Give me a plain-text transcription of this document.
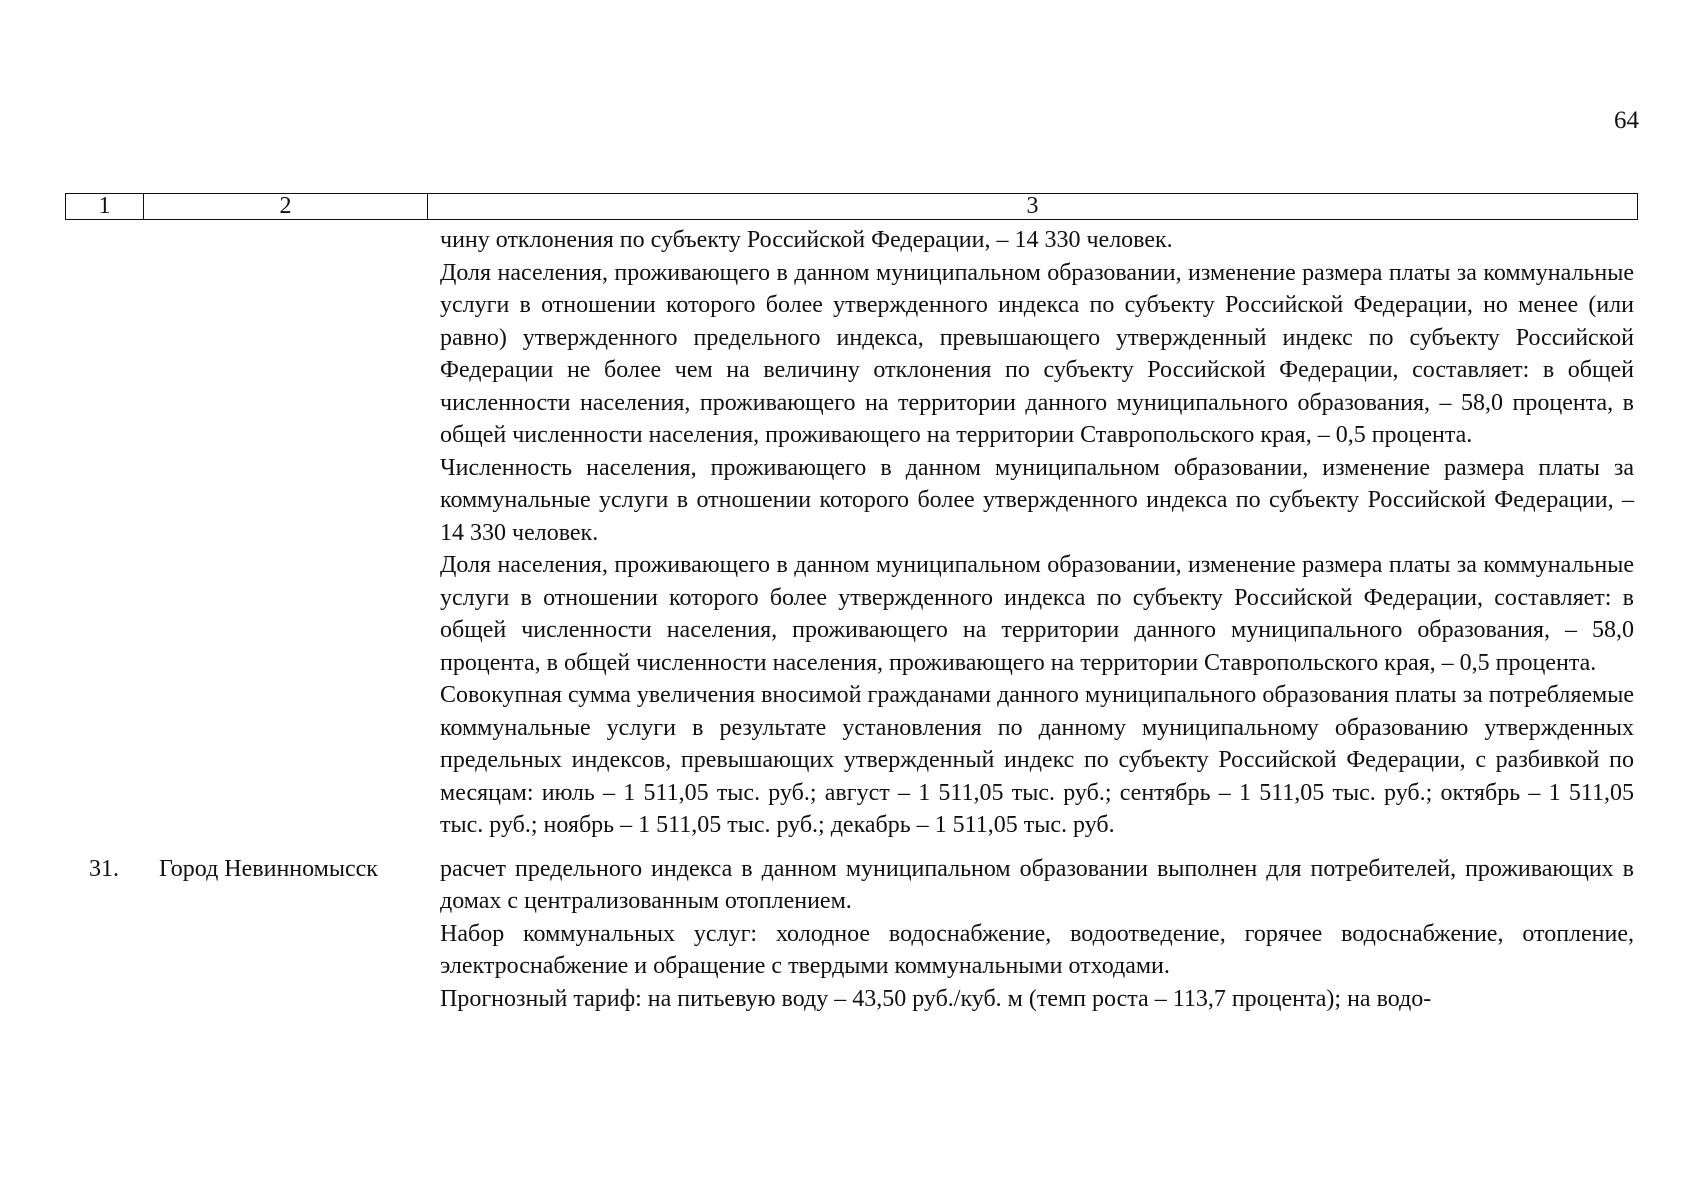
64
1	2	3

чину отклонения по субъекту Российской Федерации, – 14 330 человек.

Доля населения, проживающего в данном муниципальном образовании, изменение размера платы за коммунальные услуги в отношении которого более утвержденного индекса по субъекту Российской Федерации, но менее (или равно) утвержденного предельного индекса, превышающего утвержденный индекс по субъекту Российской Федерации не более чем на величину отклонения по субъекту Российской Федерации, составляет: в общей численности населения, проживающего на территории данного муниципального образования, – 58,0 процента, в общей численности населения, проживающего на территории Ставропольского края, – 0,5 процента.

Численность населения, проживающего в данном муниципальном образовании, изменение размера платы за коммунальные услуги в отношении которого более утвержденного индекса по субъекту Российской Федерации, – 14 330 человек.

Доля населения, проживающего в данном муниципальном образовании, изменение размера платы за коммунальные услуги в отношении которого более утвержденного индекса по субъекту Российской Федерации, составляет: в общей численности населения, проживающего на территории данного муниципального образования, – 58,0 процента, в общей численности населения, проживающего на территории Ставропольского края, – 0,5 процента.

Совокупная сумма увеличения вносимой гражданами данного муниципального образования платы за потребляемые коммунальные услуги в результате установления по данному муниципальному образованию утвержденных предельных индексов, превышающих утвержденный индекс по субъекту Российской Федерации, с разбивкой по месяцам: июль – 1 511,05 тыс. руб.; август – 1 511,05 тыс. руб.; сентябрь – 1 511,05 тыс. руб.; октябрь – 1 511,05 тыс. руб.; ноябрь – 1 511,05 тыс. руб.; декабрь – 1 511,05 тыс. руб.

31.	Город Невинномысск	расчет предельного индекса в данном муниципальном образовании выполнен для потребителей, проживающих в домах с централизованным отоплением.

Набор коммунальных услуг: холодное водоснабжение, водоотведение, горячее водоснабжение, отопление, электроснабжение и обращение с твердыми коммунальными отходами.

Прогнозный тариф: на питьевую воду – 43,50 руб./куб. м (темп роста – 113,7 процента); на водо-
